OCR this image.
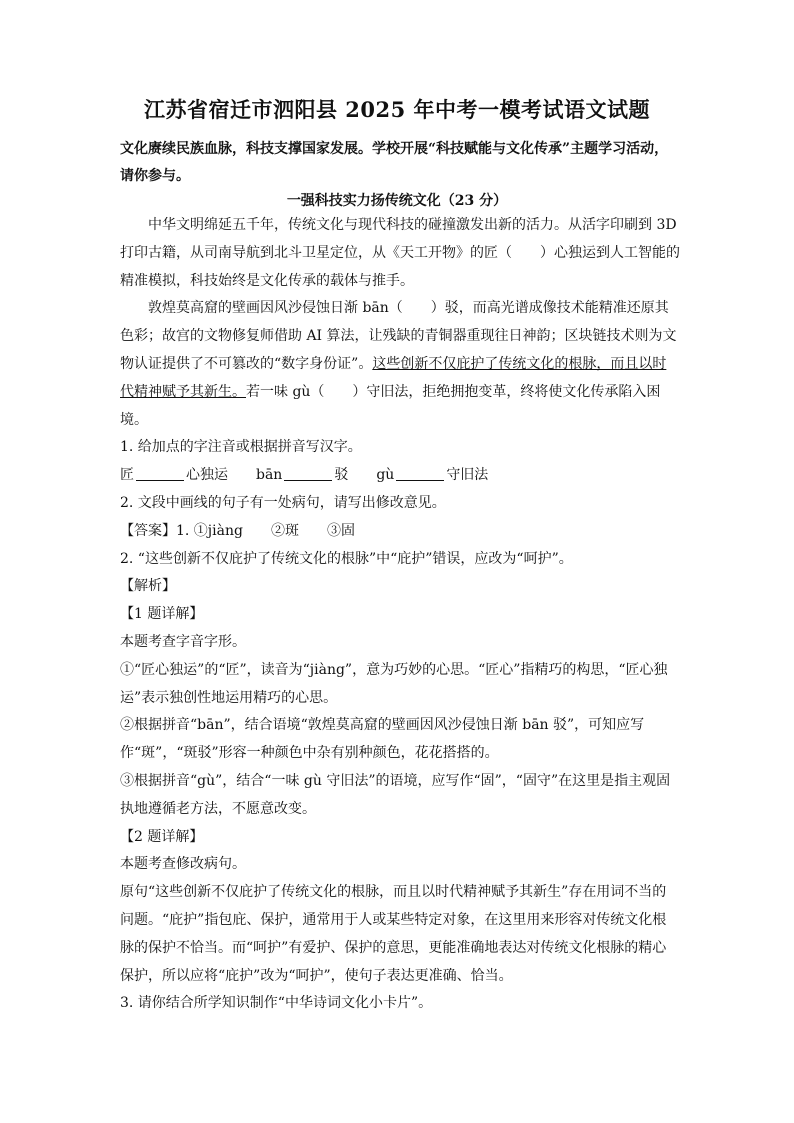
江苏省宿迁市泗阳县 2025 年中考一模考试语文试题
文化赓续民族血脉，科技支撑国家发展。学校开展“科技赋能与文化传承”主题学习活动，请你参与。
一强科技实力扬传统文化（23 分）

中华文明绵延五千年，传统文化与现代科技的碰撞激发出新的活力。从活字印刷到 3D 打印古籍，从司南导航到北斗卫星定位，从《天工开物》的匠（　　）心独运到人工智能的精准模拟，科技始终是文化传承的载体与推手。

敦煌莫高窟的壁画因风沙侵蚀日渐 bān（　　）驳，而高光谱成像技术能精准还原其色彩；故宫的文物修复师借助 AI 算法，让残缺的青铜器重现往日神韵；区块链技术则为文物认证提供了不可篡改的“数字身份证”。这些创新不仅庇护了传统文化的根脉，而且以时代精神赋予其新生。若一味 gù（　　）守旧法，拒绝拥抱变革，终将使文化传承陷入困境。

1. 给加点的字注音或根据拼音写汉字。

匠	心独运 bān	驳 gù	守旧法

2. 文段中画线的句子有一处病句，请写出修改意见。

【答案】1. ①jiàng　　②斑　　③固

2. “这些创新不仅庇护了传统文化的根脉”中“庇护”错误，应改为“呵护”。

【解析】

【1 题详解】

本题考查字音字形。

①“匠心独运”的“匠”，读音为“jiàng”，意为巧妙的心思。“匠心”指精巧的构思，“匠心独运”表示独创性地运用精巧的心思。

②根据拼音“bān”，结合语境“敦煌莫高窟的壁画因风沙侵蚀日渐 bān 驳”，可知应写作“斑”，“斑驳”形容一种颜色中杂有别种颜色，花花搭搭的。

③根据拼音“gù”，结合“一味 gù 守旧法”的语境，应写作“固”，“固守”在这里是指主观固执地遵循老方法，不愿意改变。

【2 题详解】

本题考查修改病句。

原句“这些创新不仅庇护了传统文化的根脉，而且以时代精神赋予其新生”存在用词不当的问题。“庇护”指包庇、保护，通常用于人或某些特定对象，在这里用来形容对传统文化根脉的保护不恰当。而“呵护”有爱护、保护的意思，更能准确地表达对传统文化根脉的精心保护，所以应将“庇护”改为“呵护”，使句子表达更准确、恰当。

3. 请你结合所学知识制作“中华诗词文化小卡片”。
